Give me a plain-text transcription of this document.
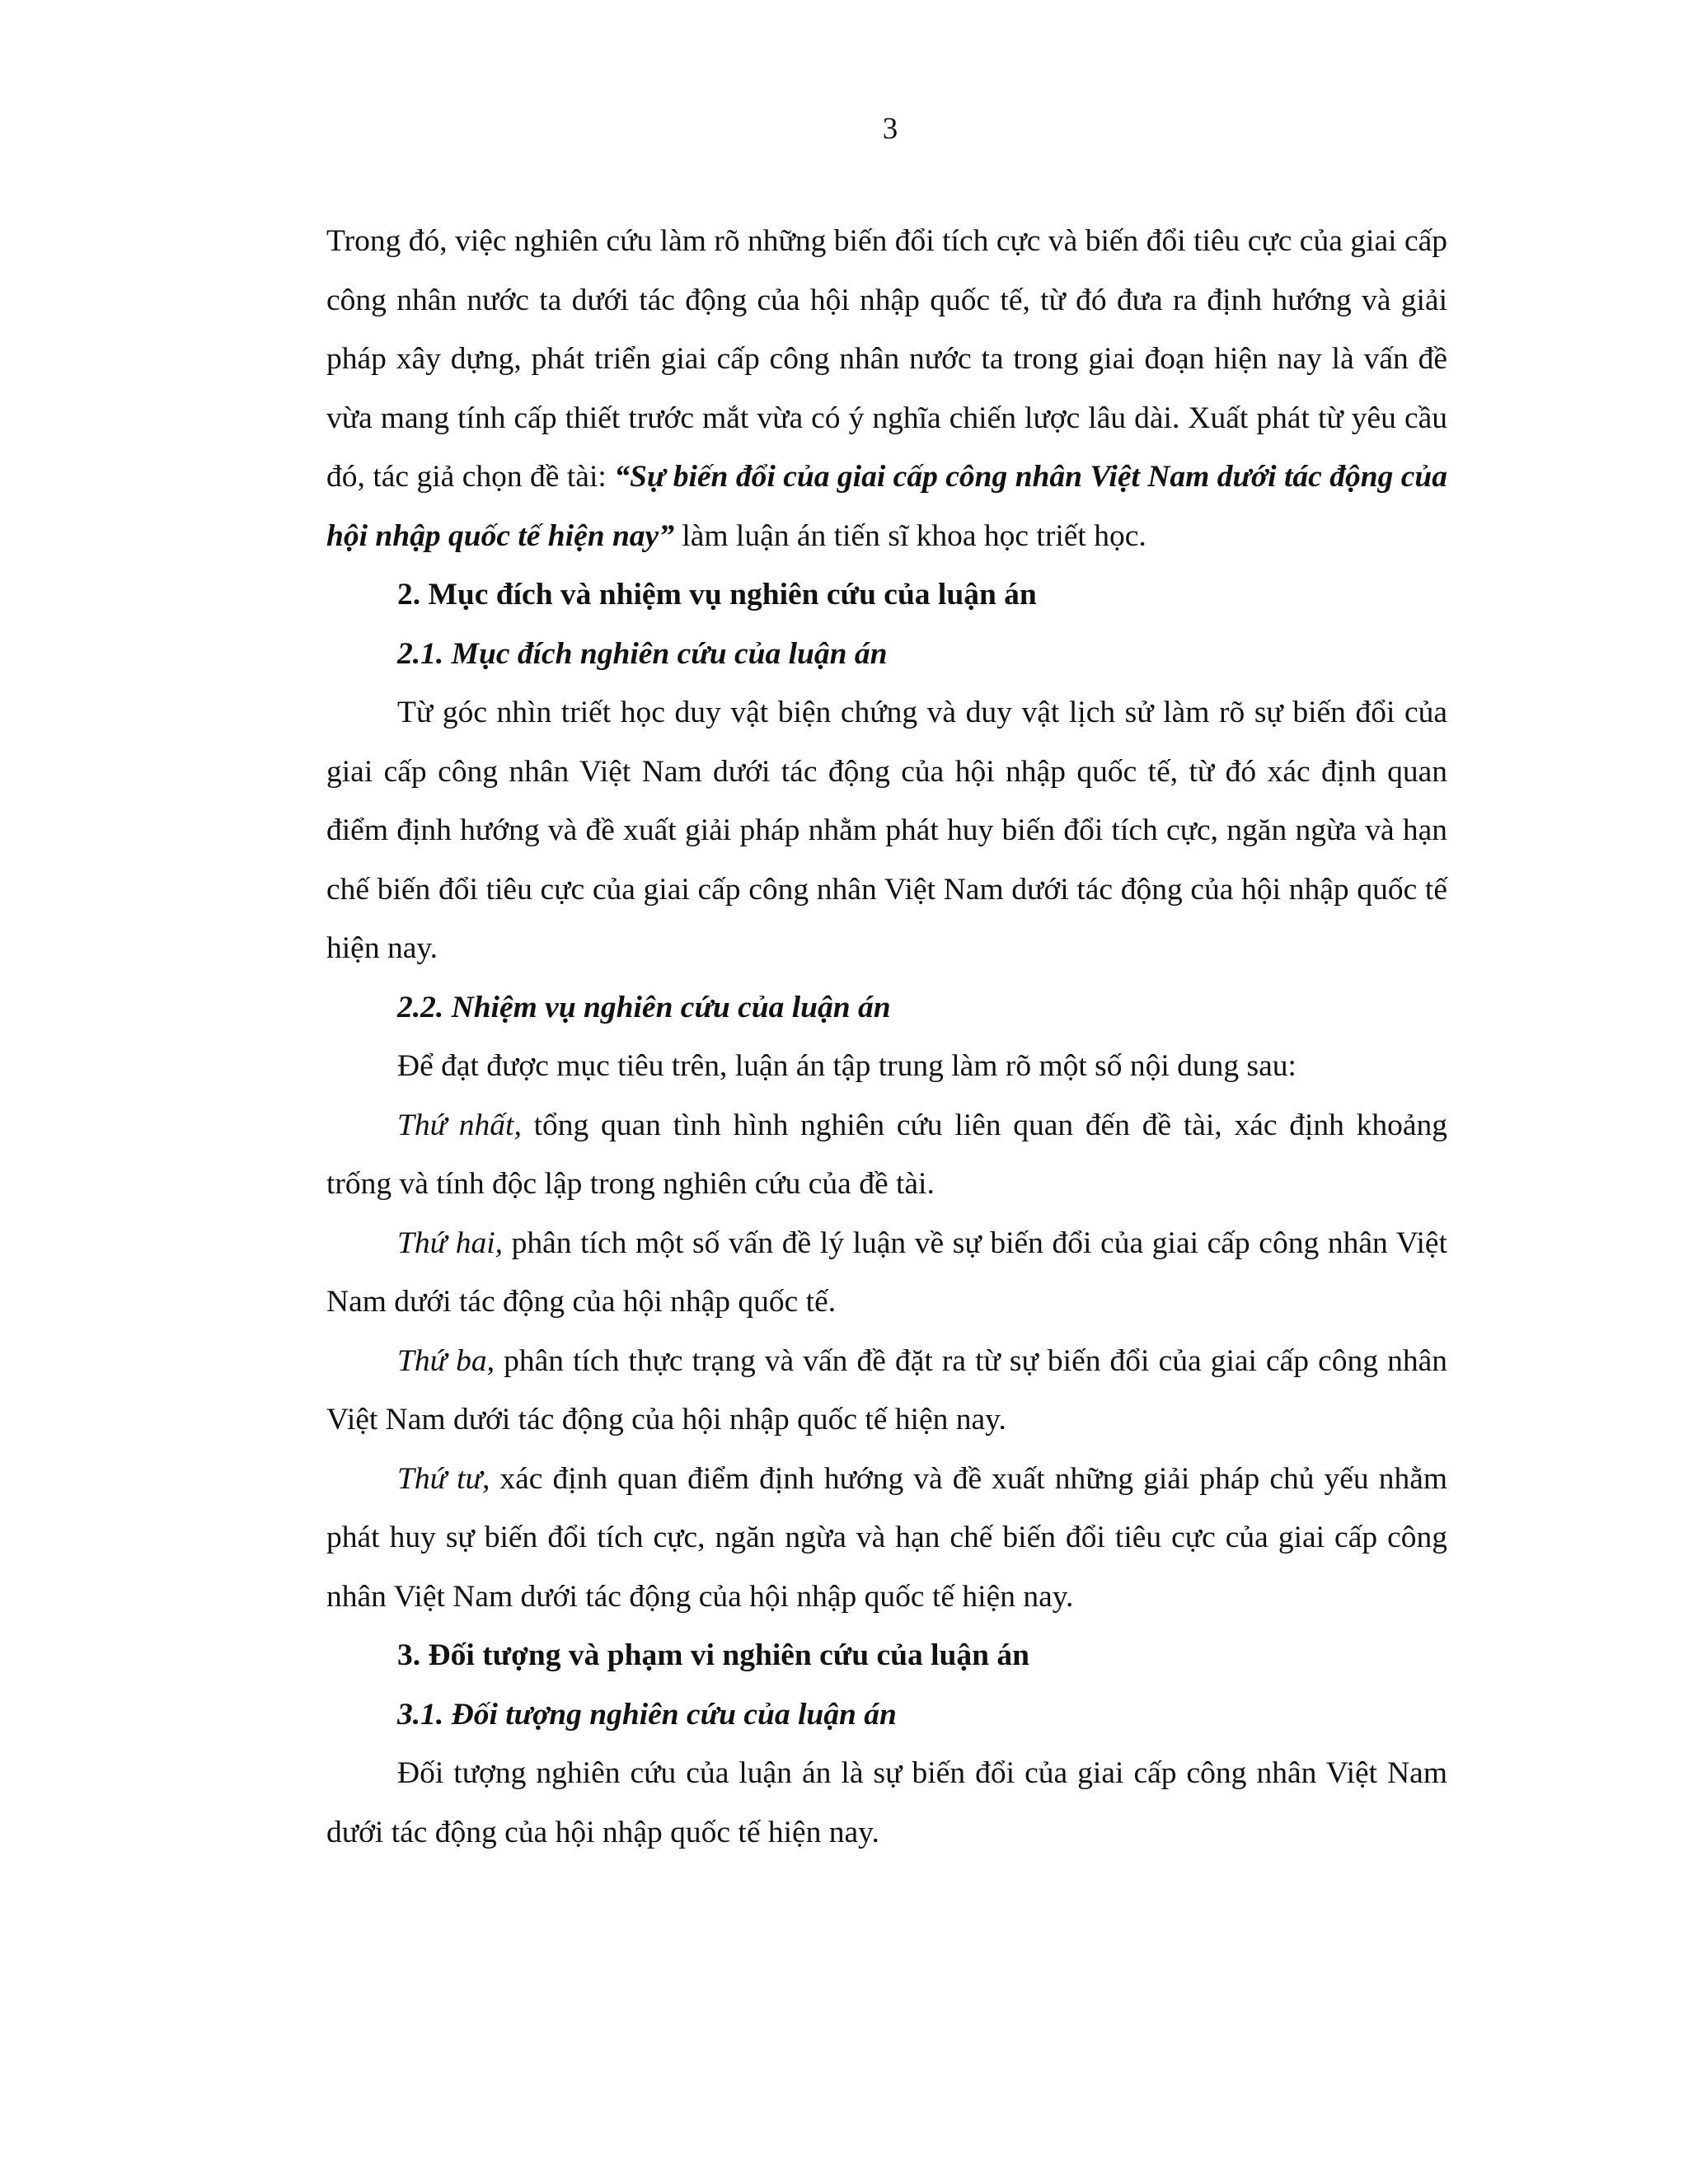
3

Trong đó, việc nghiên cứu làm rõ những biến đổi tích cực và biến đổi tiêu cực của giai cấp công nhân nước ta dưới tác động của hội nhập quốc tế, từ đó đưa ra định hướng và giải pháp xây dựng, phát triển giai cấp công nhân nước ta trong giai đoạn hiện nay là vấn đề vừa mang tính cấp thiết trước mắt vừa có ý nghĩa chiến lược lâu dài. Xuất phát từ yêu cầu đó, tác giả chọn đề tài: “Sự biến đổi của giai cấp công nhân Việt Nam dưới tác động của hội nhập quốc tế hiện nay” làm luận án tiến sĩ khoa học triết học.

2. Mục đích và nhiệm vụ nghiên cứu của luận án

2.1. Mục đích nghiên cứu của luận án

Từ góc nhìn triết học duy vật biện chứng và duy vật lịch sử làm rõ sự biến đổi của giai cấp công nhân Việt Nam dưới tác động của hội nhập quốc tế, từ đó xác định quan điểm định hướng và đề xuất giải pháp nhằm phát huy biến đổi tích cực, ngăn ngừa và hạn chế biến đổi tiêu cực của giai cấp công nhân Việt Nam dưới tác động của hội nhập quốc tế hiện nay.

2.2. Nhiệm vụ nghiên cứu của luận án

Để đạt được mục tiêu trên, luận án tập trung làm rõ một số nội dung sau:

Thứ nhất, tổng quan tình hình nghiên cứu liên quan đến đề tài, xác định khoảng trống và tính độc lập trong nghiên cứu của đề tài.

Thứ hai, phân tích một số vấn đề lý luận về sự biến đổi của giai cấp công nhân Việt Nam dưới tác động của hội nhập quốc tế.

Thứ ba, phân tích thực trạng và vấn đề đặt ra từ sự biến đổi của giai cấp công nhân Việt Nam dưới tác động của hội nhập quốc tế hiện nay.

Thứ tư, xác định quan điểm định hướng và đề xuất những giải pháp chủ yếu nhằm phát huy sự biến đổi tích cực, ngăn ngừa và hạn chế biến đổi tiêu cực của giai cấp công nhân Việt Nam dưới tác động của hội nhập quốc tế hiện nay.

3. Đối tượng và phạm vi nghiên cứu của luận án

3.1. Đối tượng nghiên cứu của luận án

Đối tượng nghiên cứu của luận án là sự biến đổi của giai cấp công nhân Việt Nam dưới tác động của hội nhập quốc tế hiện nay.
